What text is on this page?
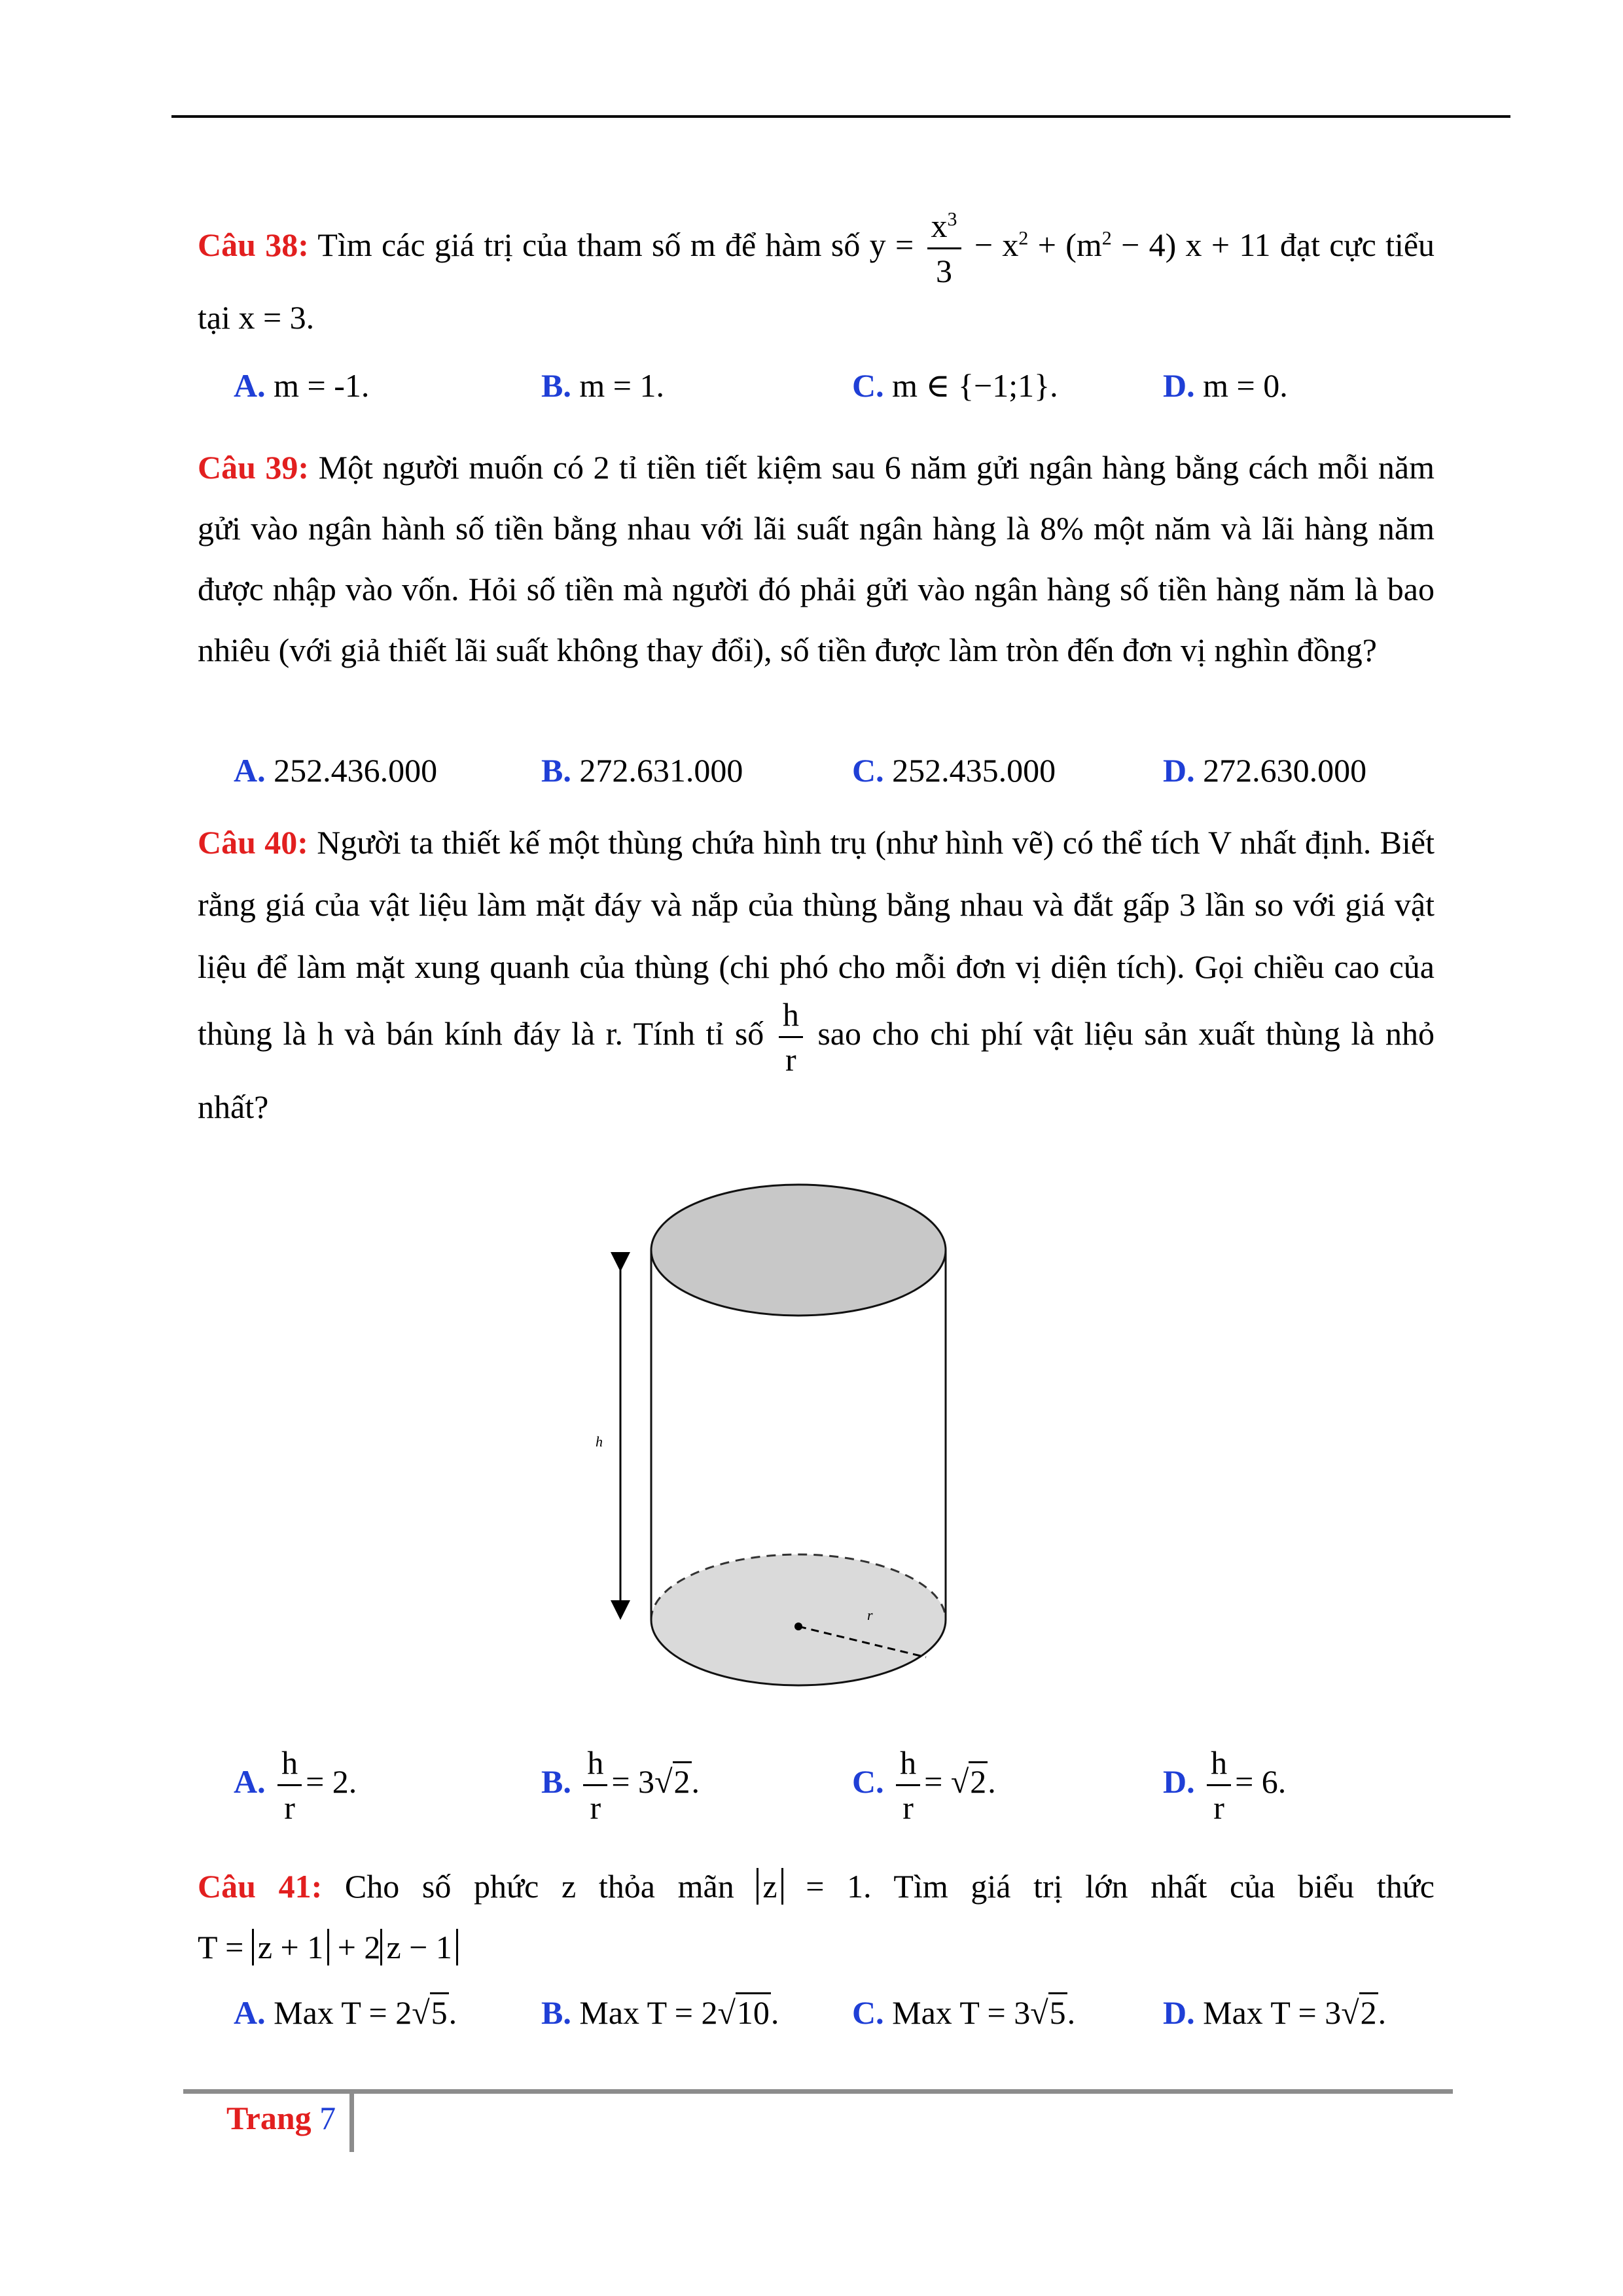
Câu 38: Tìm các giá trị của tham số m để hàm số $y = \frac{x^3}{3} - x^2 + (m^2 - 4) x + 11$ đạt cực tiểu tại x = 3.
A. m = -1.	B. m = 1.	C. m ∈ {−1;1}.	D. m = 0.
Câu 39: Một người muốn có 2 tỉ tiền tiết kiệm sau 6 năm gửi ngân hàng bằng cách mỗi năm gửi vào ngân hành số tiền bằng nhau với lãi suất ngân hàng là 8% một năm và lãi hàng năm được nhập vào vốn. Hỏi số tiền mà người đó phải gửi vào ngân hàng số tiền hàng năm là bao nhiêu (với giả thiết lãi suất không thay đổi), số tiền được làm tròn đến đơn vị nghìn đồng?
A. 252.436.000	B. 272.631.000	C. 252.435.000	D. 272.630.000
Câu 40: Người ta thiết kế một thùng chứa hình trụ (như hình vẽ) có thể tích V nhất định. Biết rằng giá của vật liệu làm mặt đáy và nắp của thùng bằng nhau và đắt gấp 3 lần so với giá vật liệu để làm mặt xung quanh của thùng (chi phó cho mỗi đơn vị diện tích). Gọi chiều cao của thùng là h và bán kính đáy là r. Tính tỉ số $\frac{h}{r}$ sao cho chi phí vật liệu sản xuất thùng là nhỏ nhất?
h
r
A. $\frac{h}{r} = 2$.	B. $\frac{h}{r} = 3√2$.	C. $\frac{h}{r} = √2$.	D. $\frac{h}{r} = 6$.
Câu 41: Cho số phức z thỏa mãn z = 1. Tìm giá trị lớn nhất của biểu thức T = z + 1 + 2 z − 1
A. Max T = 2√5.	B. Max T = 2√10. C. Max T = 3√5.	D. Max T = 3√2.
Trang 7
